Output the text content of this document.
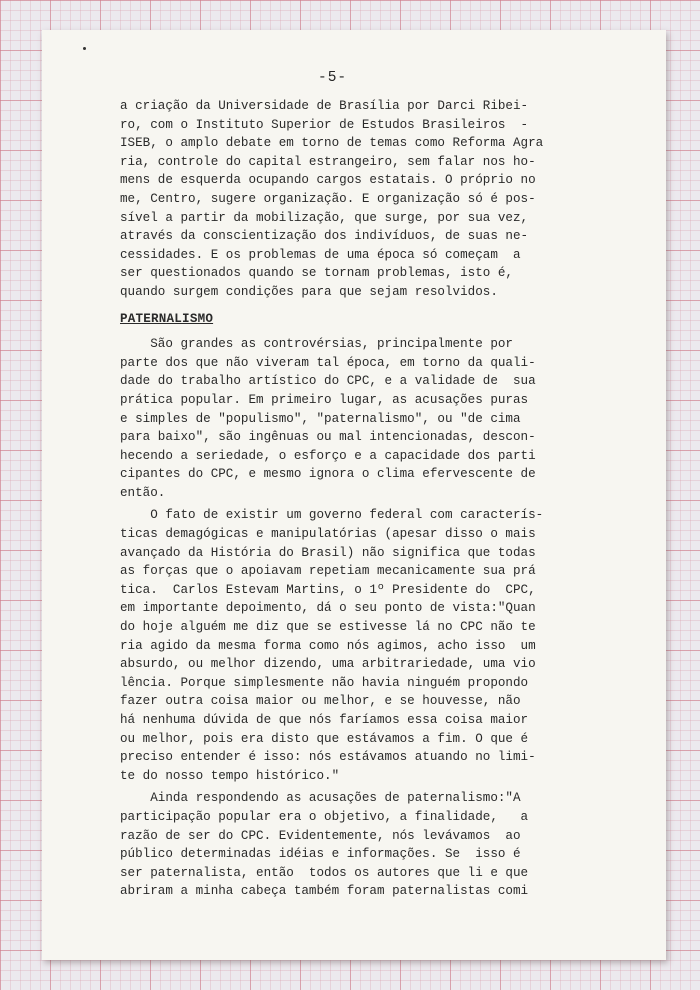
-5-

a criação da Universidade de Brasília por Darci Ribei-
ro, com o Instituto Superior de Estudos Brasileiros  -
ISEB, o amplo debate em torno de temas como Reforma Agra
ria, controle do capital estrangeiro, sem falar nos ho-
mens de esquerda ocupando cargos estatais. O próprio no
me, Centro, sugere organização. E organização só é pos-
sível a partir da mobilização, que surge, por sua vez,
através da conscientização dos indivíduos, de suas ne-
cessidades. E os problemas de uma época só começam  a
ser questionados quando se tornam problemas, isto é,
quando surgem condições para que sejam resolvidos.

PATERNALISMO

São grandes as controvérsias, principalmente por
parte dos que não viveram tal época, em torno da quali-
dade do trabalho artístico do CPC, e a validade de  sua
prática popular. Em primeiro lugar, as acusações puras
e simples de "populismo", "paternalismo", ou "de cima
para baixo", são ingênuas ou mal intencionadas, descon-
hecendo a seriedade, o esforço e a capacidade dos parti
cipantes do CPC, e mesmo ignora o clima efervescente de
então.

O fato de existir um governo federal com caracterís-
ticas demagógicas e manipulatórias (apesar disso o mais
avançado da História do Brasil) não significa que todas
as forças que o apoiavam repetiam mecanicamente sua prá
tica.  Carlos Estevam Martins, o 1º Presidente do  CPC,
em importante depoimento, dá o seu ponto de vista:"Quan
do hoje alguém me diz que se estivesse lá no CPC não te
ria agido da mesma forma como nós agimos, acho isso  um
absurdo, ou melhor dizendo, uma arbitrariedade, uma vio
lência. Porque simplesmente não havia ninguém propondo
fazer outra coisa maior ou melhor, e se houvesse, não
há nenhuma dúvida de que nós faríamos essa coisa maior
ou melhor, pois era disto que estávamos a fim. O que é
preciso entender é isso: nós estávamos atuando no limi-
te do nosso tempo histórico."

Ainda respondendo as acusações de paternalismo:"A
participação popular era o objetivo, a finalidade,   a
razão de ser do CPC. Evidentemente, nós levávamos  ao
público determinadas idéias e informações. Se  isso é
ser paternalista, então  todos os autores que li e que
abriram a minha cabeça também foram paternalistas comi
